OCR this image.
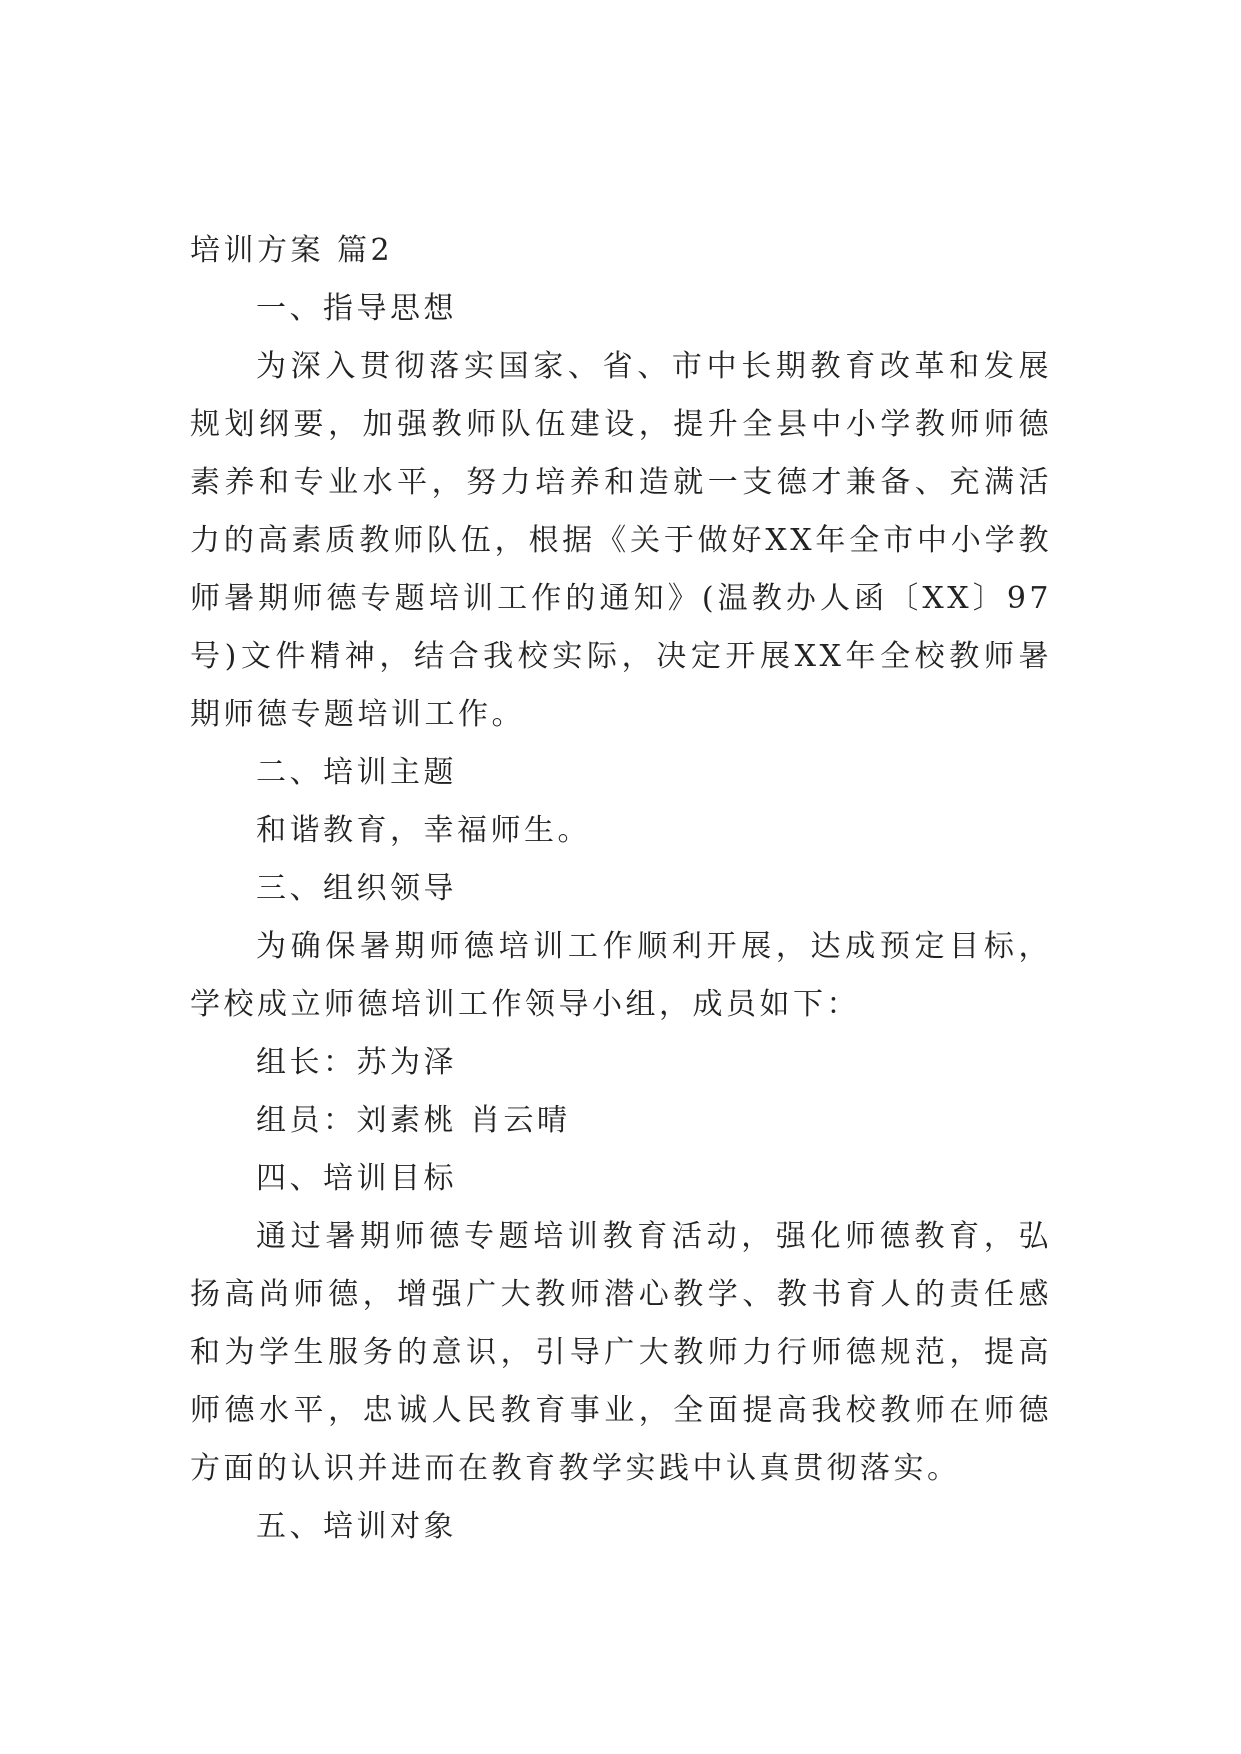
培训方案 篇2

一、指导思想

为深入贯彻落实国家、省、市中长期教育改革和发展规划纲要，加强教师队伍建设，提升全县中小学教师师德素养和专业水平，努力培养和造就一支德才兼备、充满活力的高素质教师队伍，根据《关于做好XX年全市中小学教师暑期师德专题培训工作的通知》(温教办人函〔XX〕97号)文件精神，结合我校实际，决定开展XX年全校教师暑期师德专题培训工作。

二、培训主题

和谐教育，幸福师生。

三、组织领导

为确保暑期师德培训工作顺利开展，达成预定目标，学校成立师德培训工作领导小组，成员如下：

组长：苏为泽

组员：刘素桃 肖云晴

四、培训目标

通过暑期师德专题培训教育活动，强化师德教育，弘扬高尚师德，增强广大教师潜心教学、教书育人的责任感和为学生服务的意识，引导广大教师力行师德规范，提高师德水平，忠诚人民教育事业，全面提高我校教师在师德方面的认识并进而在教育教学实践中认真贯彻落实。

五、培训对象
